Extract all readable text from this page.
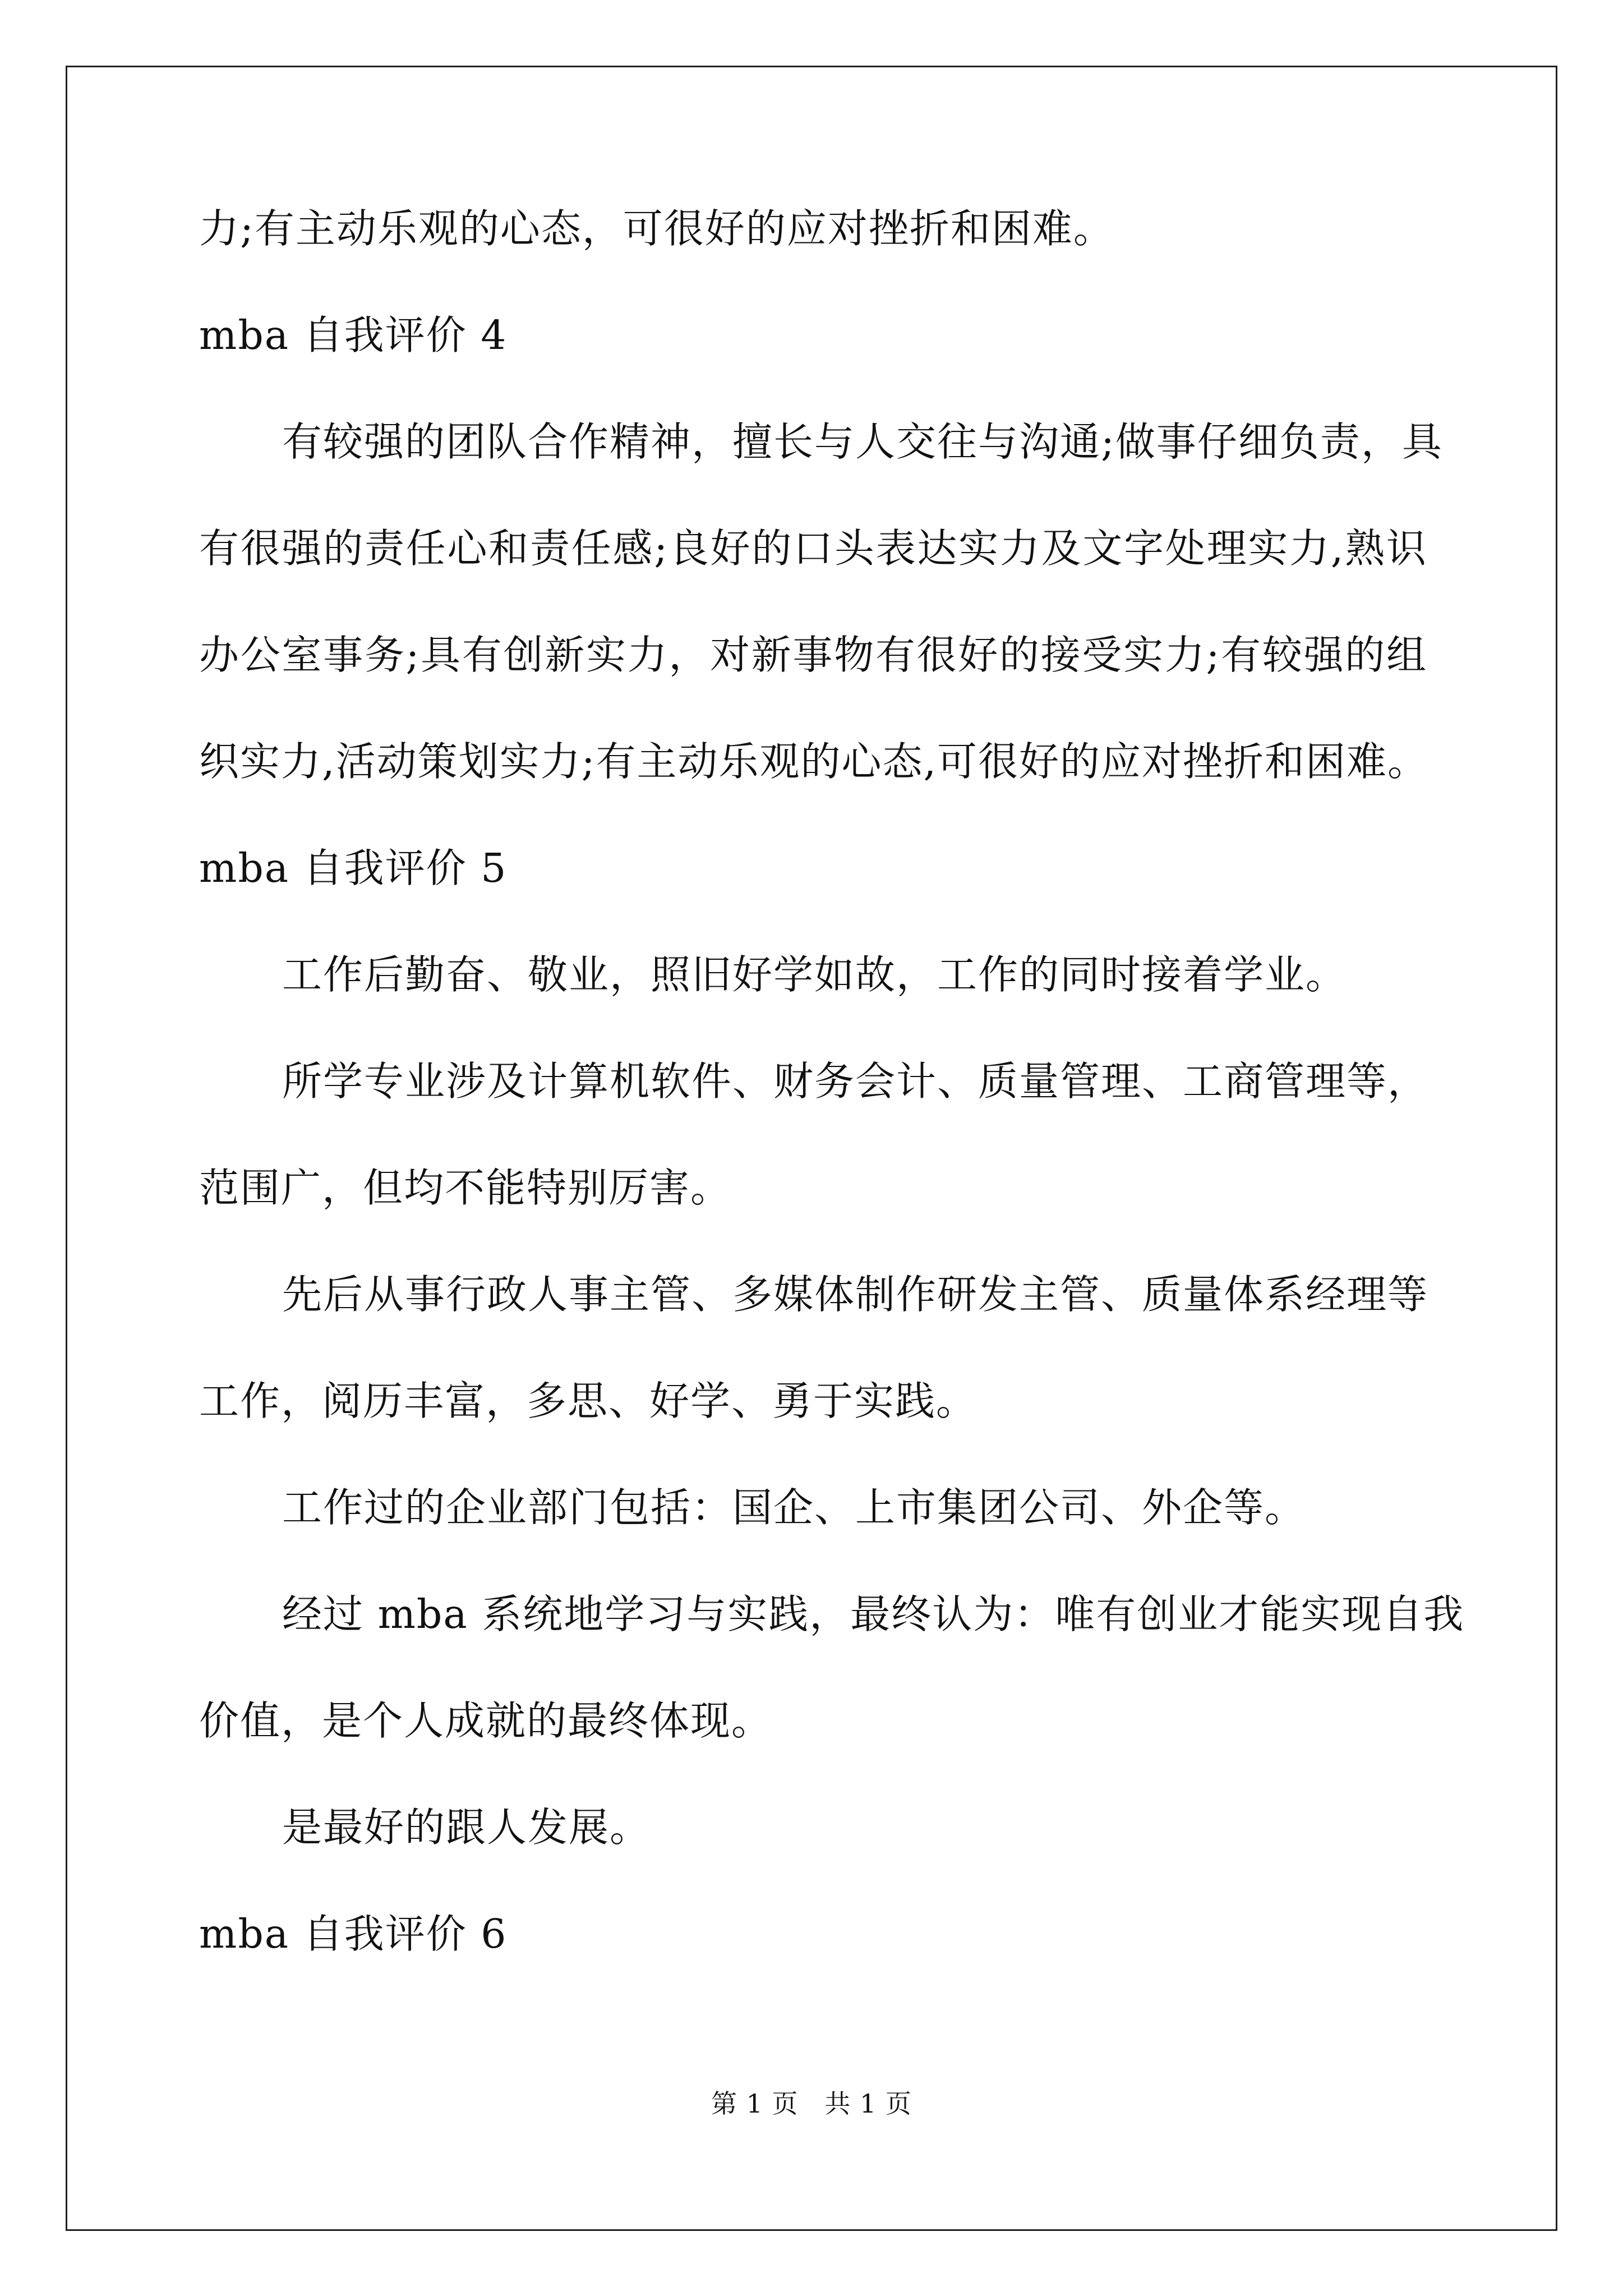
力;有主动乐观的心态，可很好的应对挫折和困难。
mba 自我评价 4
有较强的团队合作精神，擅长与人交往与沟通;做事仔细负责，具
有很强的责任心和责任感;良好的口头表达实力及文字处理实力,熟识
办公室事务;具有创新实力，对新事物有很好的接受实力;有较强的组
织实力,活动策划实力;有主动乐观的心态,可很好的应对挫折和困难。
mba 自我评价 5
工作后勤奋、敬业，照旧好学如故，工作的同时接着学业。
所学专业涉及计算机软件、财务会计、质量管理、工商管理等，
范围广，但均不能特别厉害。
先后从事行政人事主管、多媒体制作研发主管、质量体系经理等
工作，阅历丰富，多思、好学、勇于实践。
工作过的企业部门包括：国企、上市集团公司、外企等。
经过 mba 系统地学习与实践，最终认为：唯有创业才能实现自我
价值，是个人成就的最终体现。
是最好的跟人发展。
mba 自我评价 6
第 1 页   共 1 页
